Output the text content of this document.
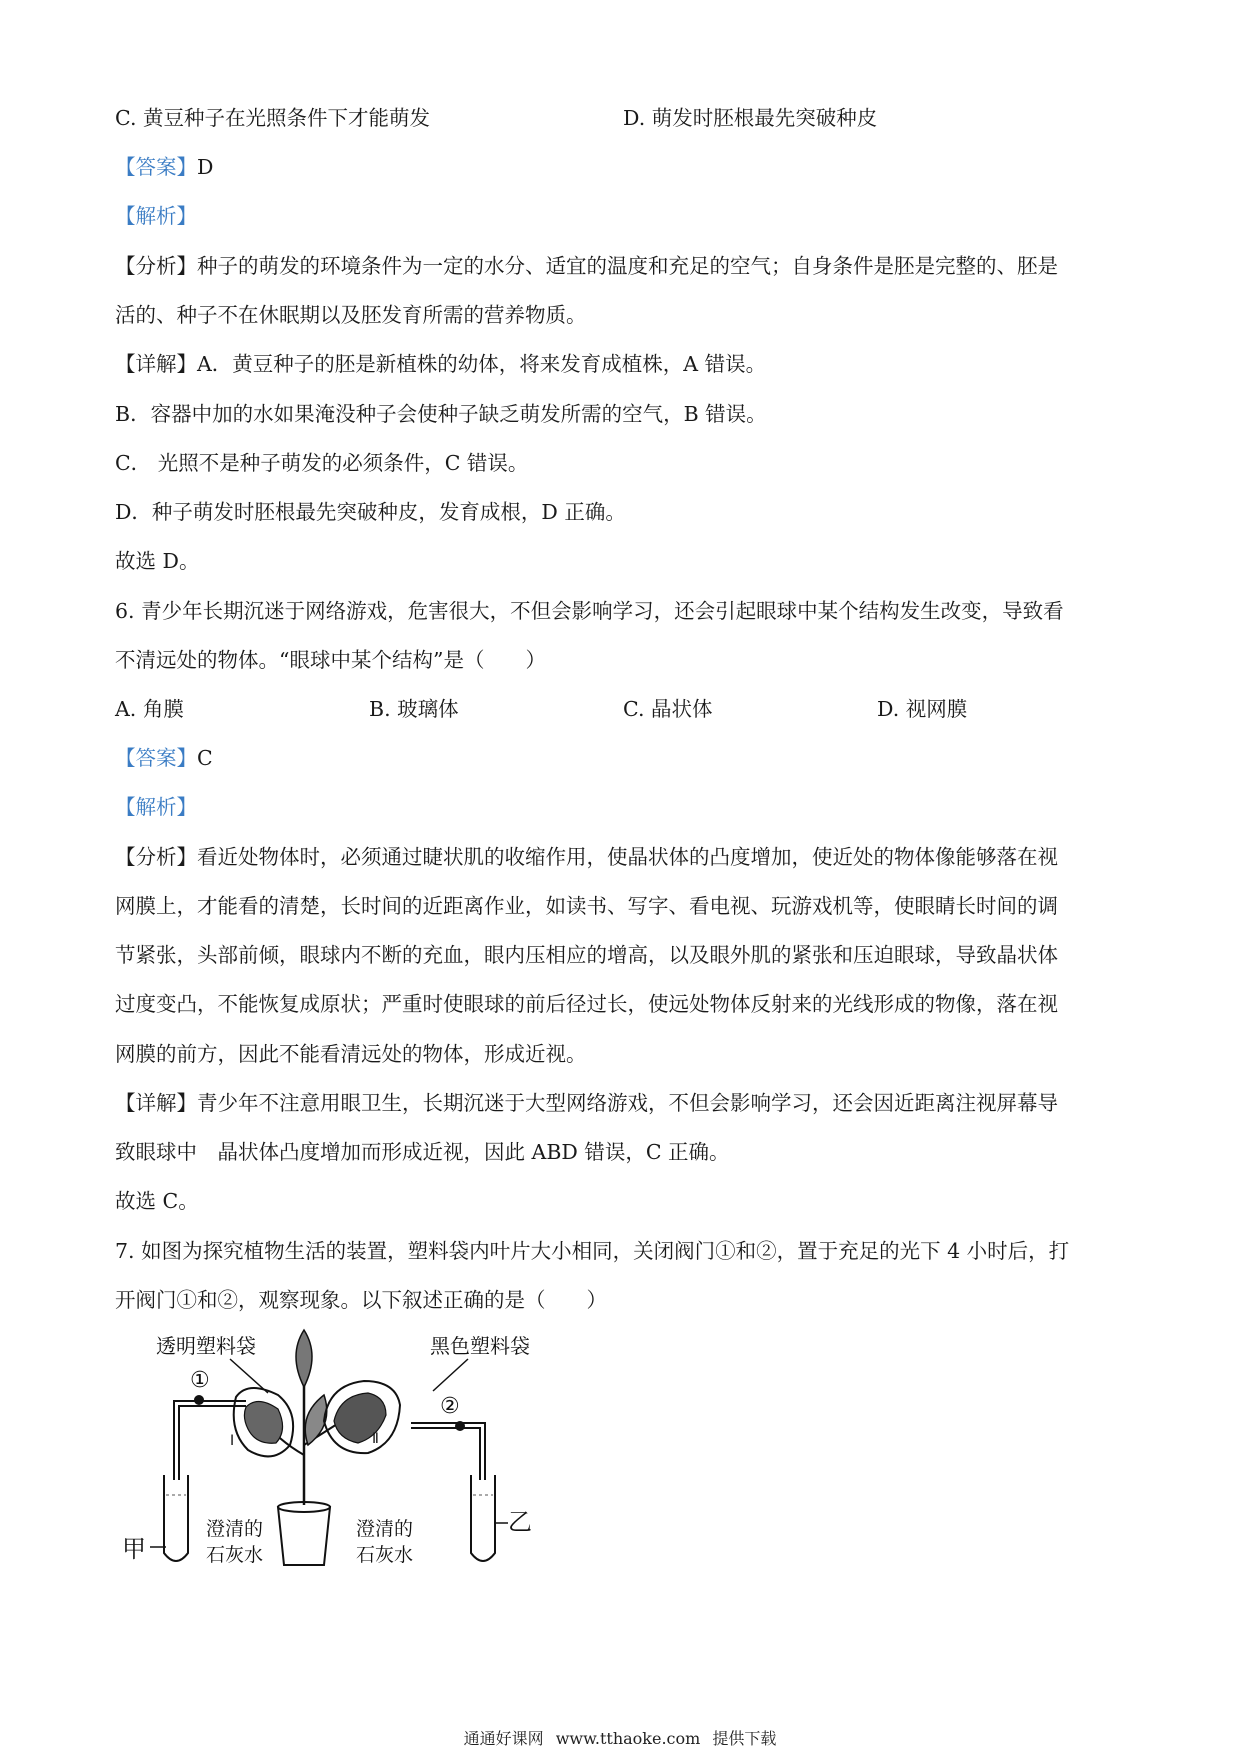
C. 黄豆种子在光照条件下才能萌发	D. 萌发时胚根最先突破种皮
【答案】D
【解析】
【分析】种子的萌发的环境条件为一定的水分、适宜的温度和充足的空气；自身条件是胚是完整的、胚是
活的、种子不在休眠期以及胚发育所需的营养物质。
【详解】A．黄豆种子的胚是新植株的幼体，将来发育成植株，A 错误。
B．容器中加的水如果淹没种子会使种子缺乏萌发所需的空气，B 错误。
C． 光照不是种子萌发的必须条件，C 错误。
D．种子萌发时胚根最先突破种皮，发育成根，D 正确。
故选 D。
6. 青少年长期沉迷于网络游戏，危害很大，不但会影响学习，还会引起眼球中某个结构发生改变，导致看
不清远处的物体。“眼球中某个结构”是（　　）
A. 角膜	B. 玻璃体	C. 晶状体	D. 视网膜
【答案】C
【解析】
【分析】看近处物体时，必须通过睫状肌的收缩作用，使晶状体的凸度增加，使近处的物体像能够落在视
网膜上，才能看的清楚，长时间的近距离作业，如读书、写字、看电视、玩游戏机等，使眼睛长时间的调
节紧张，头部前倾，眼球内不断的充血，眼内压相应的增高，以及眼外肌的紧张和压迫眼球，导致晶状体
过度变凸，不能恢复成原状；严重时使眼球的前后径过长，使远处物体反射来的光线形成的物像，落在视
网膜的前方，因此不能看清远处的物体，形成近视。
【详解】青少年不注意用眼卫生，长期沉迷于大型网络游戏，不但会影响学习，还会因近距离注视屏幕导
致眼球中　晶状体凸度增加而形成近视，因此 ABD 错误，C 正确。
故选 C。
7. 如图为探究植物生活的装置，塑料袋内叶片大小相同，关闭阀门①和②，置于充足的光下 4 小时后，打
开阀门①和②，观察现象。以下叙述正确的是（　　）
透明塑料袋	黑色塑料袋
①
②
甲
乙
澄清的
石灰水
澄清的
石灰水
Ⅰ	Ⅱ
通通好课网 www.tthaoke.com 提供下载
